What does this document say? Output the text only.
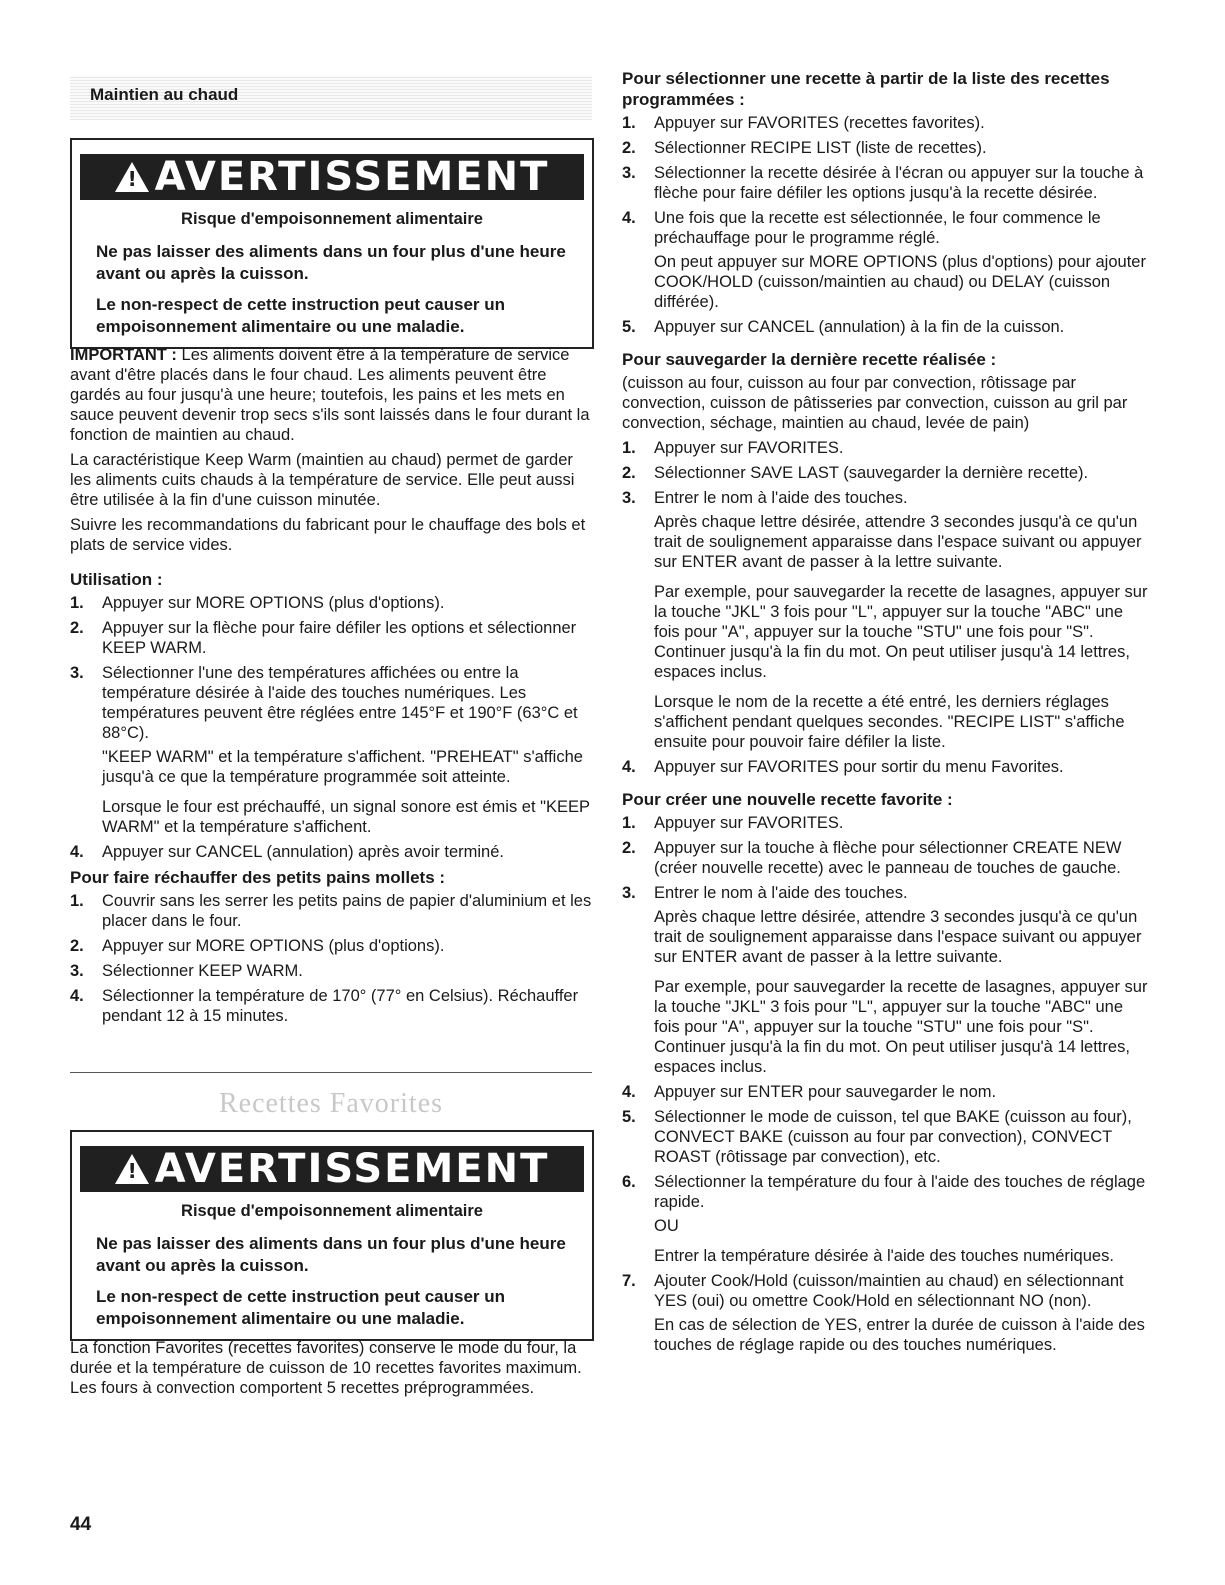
Maintien au chaud
! AVERTISSEMENT
Risque d'empoisonnement alimentaire

Ne pas laisser des aliments dans un four plus d'une heure avant ou après la cuisson.

Le non-respect de cette instruction peut causer un empoisonnement alimentaire ou une maladie.

IMPORTANT : Les aliments doivent être à la température de service avant d'être placés dans le four chaud. Les aliments peuvent être gardés au four jusqu'à une heure; toutefois, les pains et les mets en sauce peuvent devenir trop secs s'ils sont laissés dans le four durant la fonction de maintien au chaud.

La caractéristique Keep Warm (maintien au chaud) permet de garder les aliments cuits chauds à la température de service. Elle peut aussi être utilisée à la fin d'une cuisson minutée.

Suivre les recommandations du fabricant pour le chauffage des bols et plats de service vides.

Utilisation :
1. Appuyer sur MORE OPTIONS (plus d'options).
2. Appuyer sur la flèche pour faire défiler les options et sélectionner KEEP WARM.
3. Sélectionner l'une des températures affichées ou entre la température désirée à l'aide des touches numériques. Les températures peuvent être réglées entre 145°F et 190°F (63°C et 88°C).

"KEEP WARM" et la température s'affichent. "PREHEAT" s'affiche jusqu'à ce que la température programmée soit atteinte.

Lorsque le four est préchauffé, un signal sonore est émis et "KEEP WARM" et la température s'affichent.

4. Appuyer sur CANCEL (annulation) après avoir terminé.
Pour faire réchauffer des petits pains mollets :
1. Couvrir sans les serrer les petits pains de papier d'aluminium et les placer dans le four.
2. Appuyer sur MORE OPTIONS (plus d'options).
3. Sélectionner KEEP WARM.
4. Sélectionner la température de 170° (77° en Celsius). Réchauffer pendant 12 à 15 minutes.
Recettes Favorites
! AVERTISSEMENT
Risque d'empoisonnement alimentaire

Ne pas laisser des aliments dans un four plus d'une heure avant ou après la cuisson.

Le non-respect de cette instruction peut causer un empoisonnement alimentaire ou une maladie.

La fonction Favorites (recettes favorites) conserve le mode du four, la durée et la température de cuisson de 10 recettes favorites maximum. Les fours à convection comportent 5 recettes préprogrammées.

Pour sélectionner une recette à partir de la liste des recettes programmées :
1. Appuyer sur FAVORITES (recettes favorites).
2. Sélectionner RECIPE LIST (liste de recettes).
3. Sélectionner la recette désirée à l'écran ou appuyer sur la touche à flèche pour faire défiler les options jusqu'à la recette désirée.
4. Une fois que la recette est sélectionnée, le four commence le préchauffage pour le programme réglé.

On peut appuyer sur MORE OPTIONS (plus d'options) pour ajouter COOK/HOLD (cuisson/maintien au chaud) ou DELAY (cuisson différée).

5. Appuyer sur CANCEL (annulation) à la fin de la cuisson.
Pour sauvegarder la dernière recette réalisée :

(cuisson au four, cuisson au four par convection, rôtissage par convection, cuisson de pâtisseries par convection, cuisson au gril par convection, séchage, maintien au chaud, levée de pain)

1. Appuyer sur FAVORITES.
2. Sélectionner SAVE LAST (sauvegarder la dernière recette).
3. Entrer le nom à l'aide des touches.

Après chaque lettre désirée, attendre 3 secondes jusqu'à ce qu'un trait de soulignement apparaisse dans l'espace suivant ou appuyer sur ENTER avant de passer à la lettre suivante.

Par exemple, pour sauvegarder la recette de lasagnes, appuyer sur la touche "JKL" 3 fois pour "L", appuyer sur la touche "ABC" une fois pour "A", appuyer sur la touche "STU" une fois pour "S". Continuer jusqu'à la fin du mot. On peut utiliser jusqu'à 14 lettres, espaces inclus.

Lorsque le nom de la recette a été entré, les derniers réglages s'affichent pendant quelques secondes. "RECIPE LIST" s'affiche ensuite pour pouvoir faire défiler la liste.

4. Appuyer sur FAVORITES pour sortir du menu Favorites.
Pour créer une nouvelle recette favorite :
1. Appuyer sur FAVORITES.
2. Appuyer sur la touche à flèche pour sélectionner CREATE NEW (créer nouvelle recette) avec le panneau de touches de gauche.
3. Entrer le nom à l'aide des touches.

Après chaque lettre désirée, attendre 3 secondes jusqu'à ce qu'un trait de soulignement apparaisse dans l'espace suivant ou appuyer sur ENTER avant de passer à la lettre suivante.

Par exemple, pour sauvegarder la recette de lasagnes, appuyer sur la touche "JKL" 3 fois pour "L", appuyer sur la touche "ABC" une fois pour "A", appuyer sur la touche "STU" une fois pour "S". Continuer jusqu'à la fin du mot. On peut utiliser jusqu'à 14 lettres, espaces inclus.

4. Appuyer sur ENTER pour sauvegarder le nom.
5. Sélectionner le mode de cuisson, tel que BAKE (cuisson au four), CONVECT BAKE (cuisson au four par convection), CONVECT ROAST (rôtissage par convection), etc.
6. Sélectionner la température du four à l'aide des touches de réglage rapide.

OU

Entrer la température désirée à l'aide des touches numériques.

7. Ajouter Cook/Hold (cuisson/maintien au chaud) en sélectionnant YES (oui) ou omettre Cook/Hold en sélectionnant NO (non).

En cas de sélection de YES, entrer la durée de cuisson à l'aide des touches de réglage rapide ou des touches numériques.

44
